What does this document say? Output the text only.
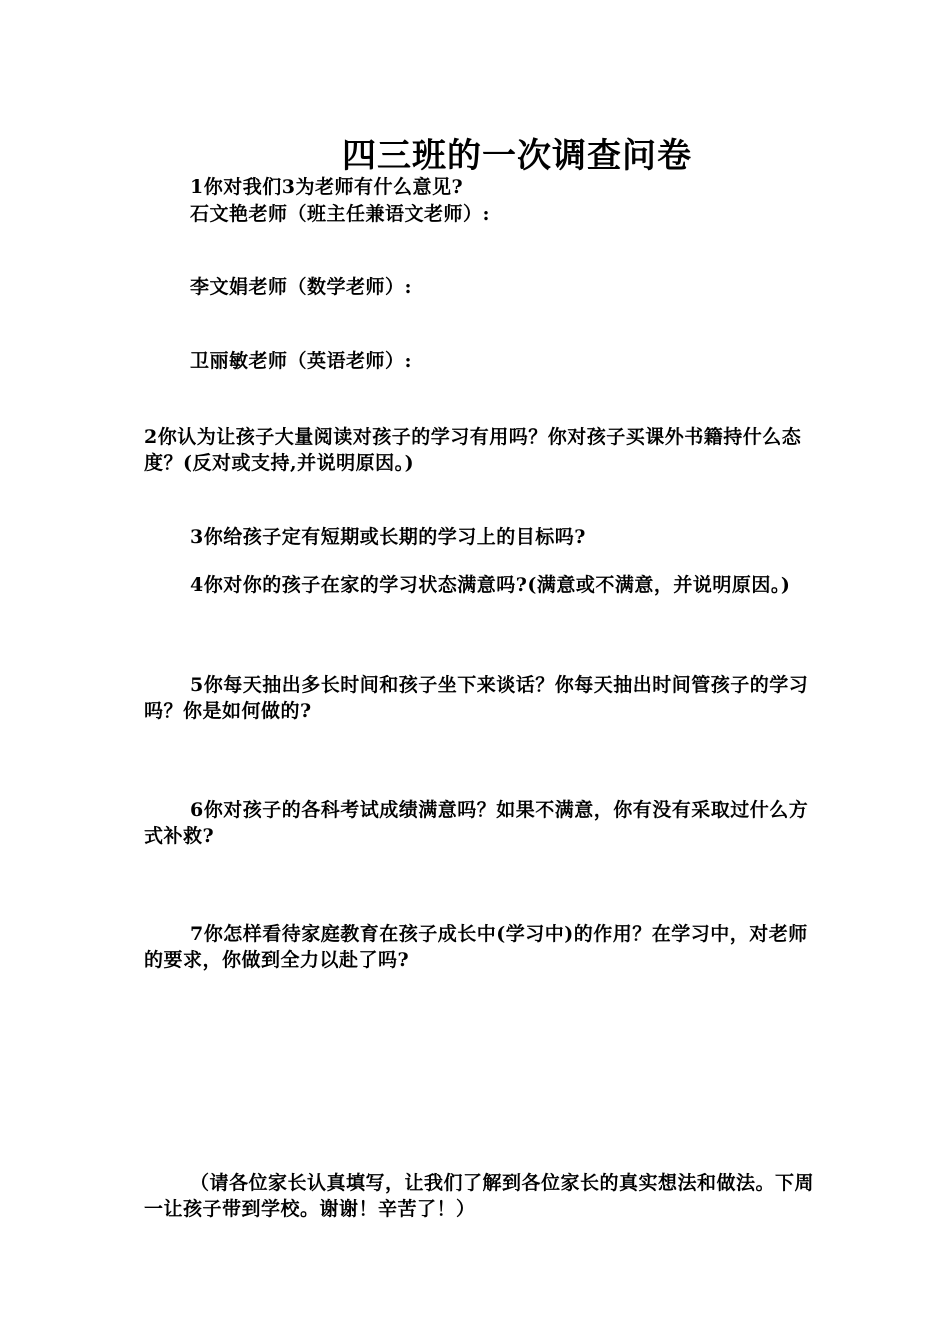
四三班的一次调查问卷
1你对我们3为老师有什么意见?
石文艳老师（班主任兼语文老师）:
李文娟老师（数学老师）:
卫丽敏老师（英语老师）:
2你认为让孩子大量阅读对孩子的学习有用吗？你对孩子买课外书籍持什么态度？(反对或支持,并说明原因。)
3你给孩子定有短期或长期的学习上的目标吗?
4你对你的孩子在家的学习状态满意吗?(满意或不满意，并说明原因。)
5你每天抽出多长时间和孩子坐下来谈话？你每天抽出时间管孩子的学习吗？你是如何做的?
6你对孩子的各科考试成绩满意吗？如果不满意，你有没有采取过什么方式补救?
7你怎样看待家庭教育在孩子成长中(学习中)的作用？在学习中，对老师的要求，你做到全力以赴了吗?
（请各位家长认真填写，让我们了解到各位家长的真实想法和做法。下周一让孩子带到学校。谢谢！辛苦了！）
